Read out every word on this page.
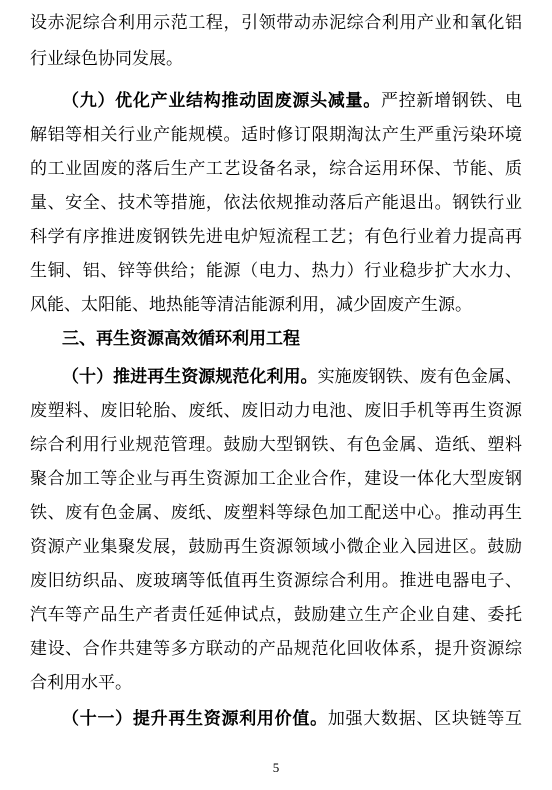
设赤泥综合利用示范工程，引领带动赤泥综合利用产业和氧化铝
行业绿色协同发展。
（九）优化产业结构推动固废源头减量。严控新增钢铁、电
解铝等相关行业产能规模。适时修订限期淘汰产生严重污染环境
的工业固废的落后生产工艺设备名录，综合运用环保、节能、质
量、安全、技术等措施，依法依规推动落后产能退出。钢铁行业
科学有序推进废钢铁先进电炉短流程工艺；有色行业着力提高再
生铜、铝、锌等供给；能源（电力、热力）行业稳步扩大水力、
风能、太阳能、地热能等清洁能源利用，减少固废产生源。
三、再生资源高效循环利用工程
（十）推进再生资源规范化利用。实施废钢铁、废有色金属、
废塑料、废旧轮胎、废纸、废旧动力电池、废旧手机等再生资源
综合利用行业规范管理。鼓励大型钢铁、有色金属、造纸、塑料
聚合加工等企业与再生资源加工企业合作，建设一体化大型废钢
铁、废有色金属、废纸、废塑料等绿色加工配送中心。推动再生
资源产业集聚发展，鼓励再生资源领域小微企业入园进区。鼓励
废旧纺织品、废玻璃等低值再生资源综合利用。推进电器电子、
汽车等产品生产者责任延伸试点，鼓励建立生产企业自建、委托
建设、合作共建等多方联动的产品规范化回收体系，提升资源综
合利用水平。
（十一）提升再生资源利用价值。加强大数据、区块链等互
5
